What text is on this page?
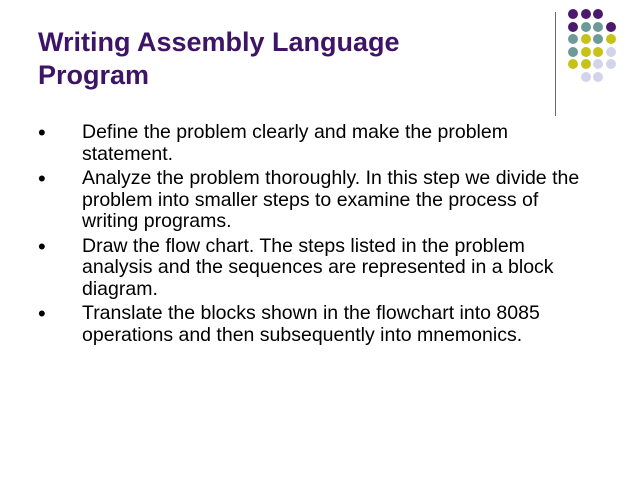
Writing Assembly Language
Program
• Define the problem clearly and make the problem statement.
• Analyze the problem thoroughly. In this step we divide the problem into smaller steps to examine the process of writing programs.
• Draw the flow chart. The steps listed in the problem analysis and the sequences are represented in a block diagram.
• Translate the blocks shown in the flowchart into 8085 operations and then subsequently into mnemonics.
